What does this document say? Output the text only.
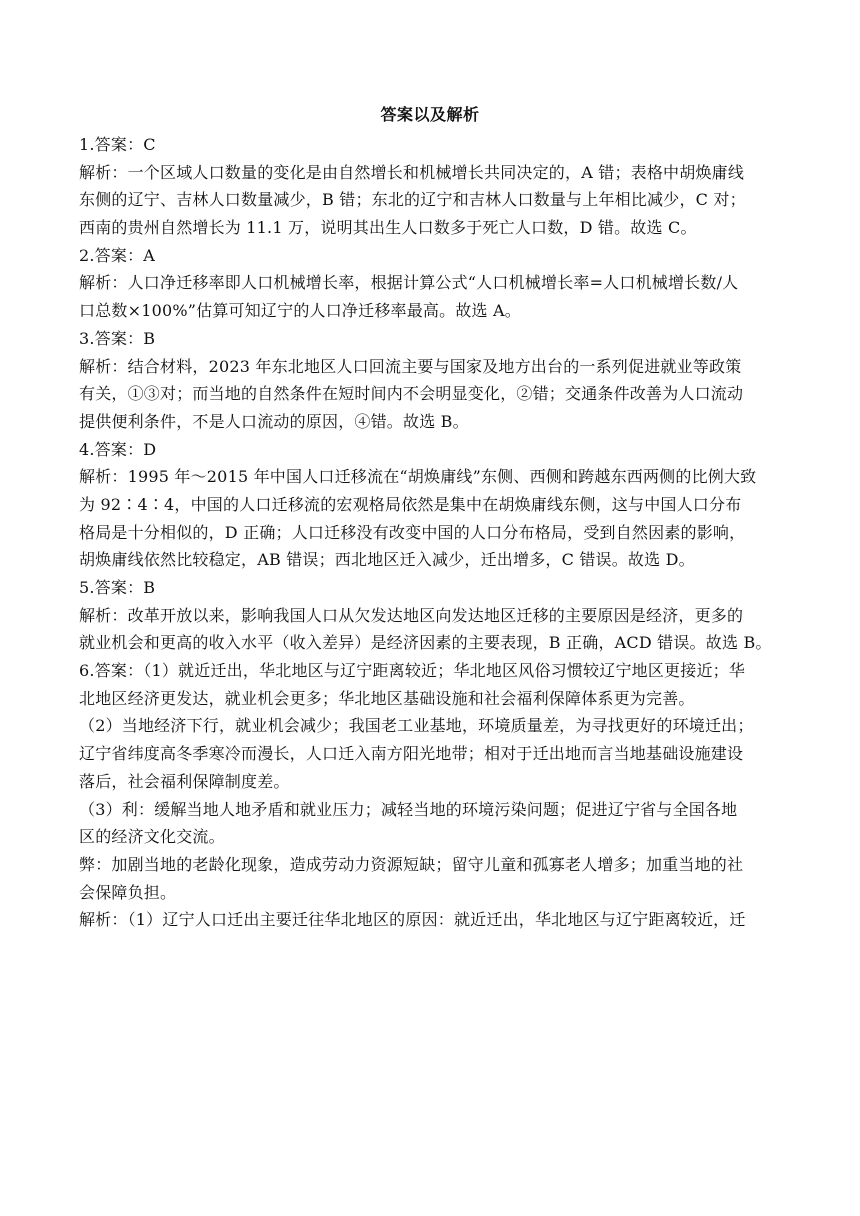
答案以及解析
1.答案：C
解析：一个区域人口数量的变化是由自然增长和机械增长共同决定的，A 错；表格中胡焕庸线
东侧的辽宁、吉林人口数量减少，B 错；东北的辽宁和吉林人口数量与上年相比减少，C 对；
西南的贵州自然增长为 11.1 万，说明其出生人口数多于死亡人口数，D 错。故选 C。
2.答案：A
解析：人口净迁移率即人口机械增长率，根据计算公式“人口机械增长率=人口机械增长数/人
口总数×100%”估算可知辽宁的人口净迁移率最高。故选 A。
3.答案：B
解析：结合材料，2023 年东北地区人口回流主要与国家及地方出台的一系列促进就业等政策
有关，①③对；而当地的自然条件在短时间内不会明显变化，②错；交通条件改善为人口流动
提供便利条件，不是人口流动的原因，④错。故选 B。
4.答案：D
解析：1995 年～2015 年中国人口迁移流在“胡焕庸线”东侧、西侧和跨越东西两侧的比例大致
为 92∶4∶4，中国的人口迁移流的宏观格局依然是集中在胡焕庸线东侧，这与中国人口分布
格局是十分相似的，D 正确；人口迁移没有改变中国的人口分布格局，受到自然因素的影响，
胡焕庸线依然比较稳定，AB 错误；西北地区迁入减少，迁出增多，C 错误。故选 D。
5.答案：B
解析：改革开放以来，影响我国人口从欠发达地区向发达地区迁移的主要原因是经济，更多的
就业机会和更高的收入水平（收入差异）是经济因素的主要表现，B 正确，ACD 错误。故选 B。
6.答案：（1）就近迁出，华北地区与辽宁距离较近；华北地区风俗习惯较辽宁地区更接近；华
北地区经济更发达，就业机会更多；华北地区基础设施和社会福利保障体系更为完善。
（2）当地经济下行，就业机会减少；我国老工业基地，环境质量差，为寻找更好的环境迁出；
辽宁省纬度高冬季寒冷而漫长，人口迁入南方阳光地带；相对于迁出地而言当地基础设施建设
落后，社会福利保障制度差。
（3）利：缓解当地人地矛盾和就业压力；减轻当地的环境污染问题；促进辽宁省与全国各地
区的经济文化交流。
弊：加剧当地的老龄化现象，造成劳动力资源短缺；留守儿童和孤寡老人增多；加重当地的社
会保障负担。
解析：（1）辽宁人口迁出主要迁往华北地区的原因：就近迁出，华北地区与辽宁距离较近，迁
